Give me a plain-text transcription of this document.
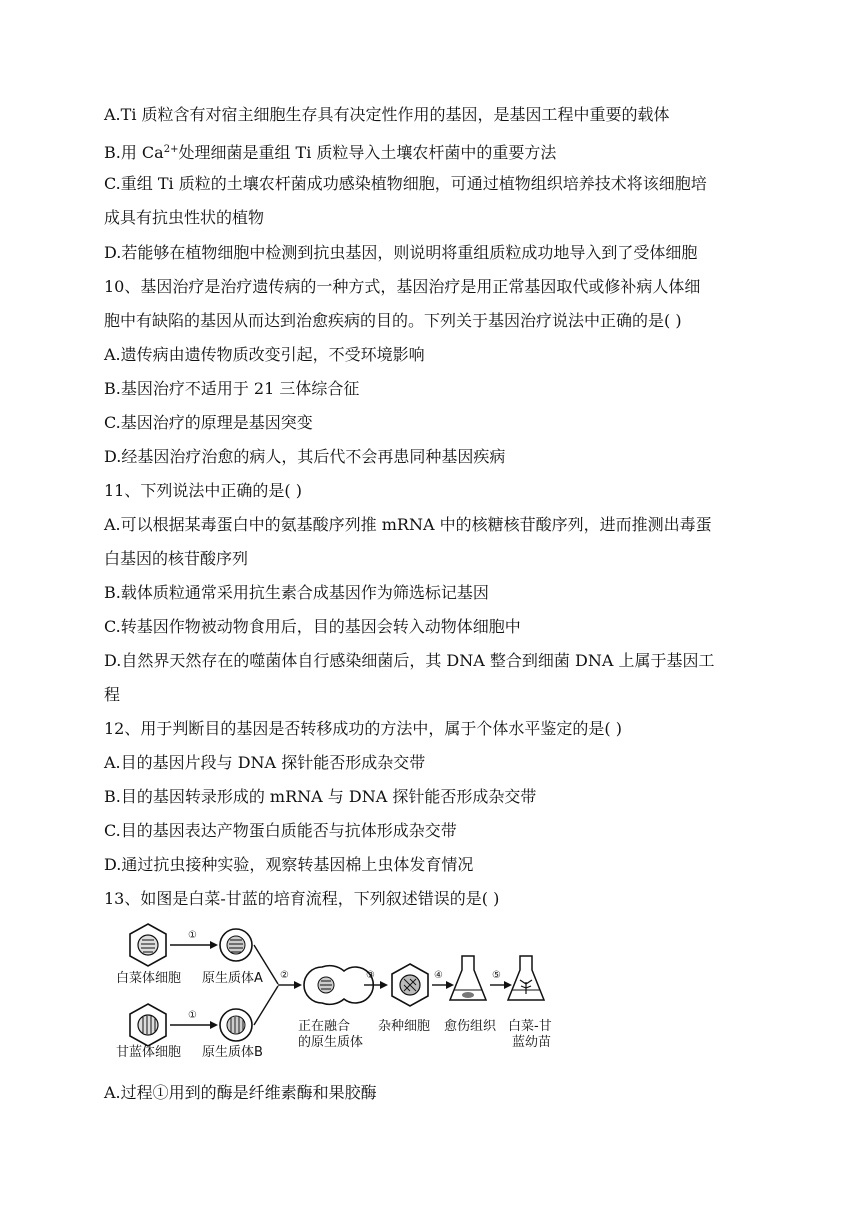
A.Ti 质粒含有对宿主细胞生存具有决定性作用的基因，是基因工程中重要的载体
B.用 $Ca^{2+}$处理细菌是重组 Ti 质粒导入土壤农杆菌中的重要方法
C.重组 Ti 质粒的土壤农杆菌成功感染植物细胞，可通过植物组织培养技术将该细胞培
成具有抗虫性状的植物
D.若能够在植物细胞中检测到抗虫基因，则说明将重组质粒成功地导入到了受体细胞
10、基因治疗是治疗遗传病的一种方式，基因治疗是用正常基因取代或修补病人体细
胞中有缺陷的基因从而达到治愈疾病的目的。下列关于基因治疗说法中正确的是( )
A.遗传病由遗传物质改变引起，不受环境影响
B.基因治疗不适用于 21 三体综合征
C.基因治疗的原理是基因突变
D.经基因治疗治愈的病人，其后代不会再患同种基因疾病
11、下列说法中正确的是( )
A.可以根据某毒蛋白中的氨基酸序列推 mRNA 中的核糖核苷酸序列，进而推测出毒蛋
白基因的核苷酸序列
B.载体质粒通常采用抗生素合成基因作为筛选标记基因
C.转基因作物被动物食用后，目的基因会转入动物体细胞中
D.自然界天然存在的噬菌体自行感染细菌后，其 DNA 整合到细菌 DNA 上属于基因工
程
12、用于判断目的基因是否转移成功的方法中，属于个体水平鉴定的是( )
A.目的基因片段与 DNA 探针能否形成杂交带
B.目的基因转录形成的 mRNA 与 DNA 探针能否形成杂交带
C.目的基因表达产物蛋白质能否与抗体形成杂交带
D.通过抗虫接种实验，观察转基因棉上虫体发育情况
13、如图是白菜-甘蓝的培育流程，下列叙述错误的是( )
①
白菜体细胞 原生质体A
①
甘蓝体细胞 原生质体B
②
正在融合
的原生质体
③
杂种细胞
④
愈伤组织
⑤
白菜-甘
蓝幼苗
A.过程①用到的酶是纤维素酶和果胶酶
